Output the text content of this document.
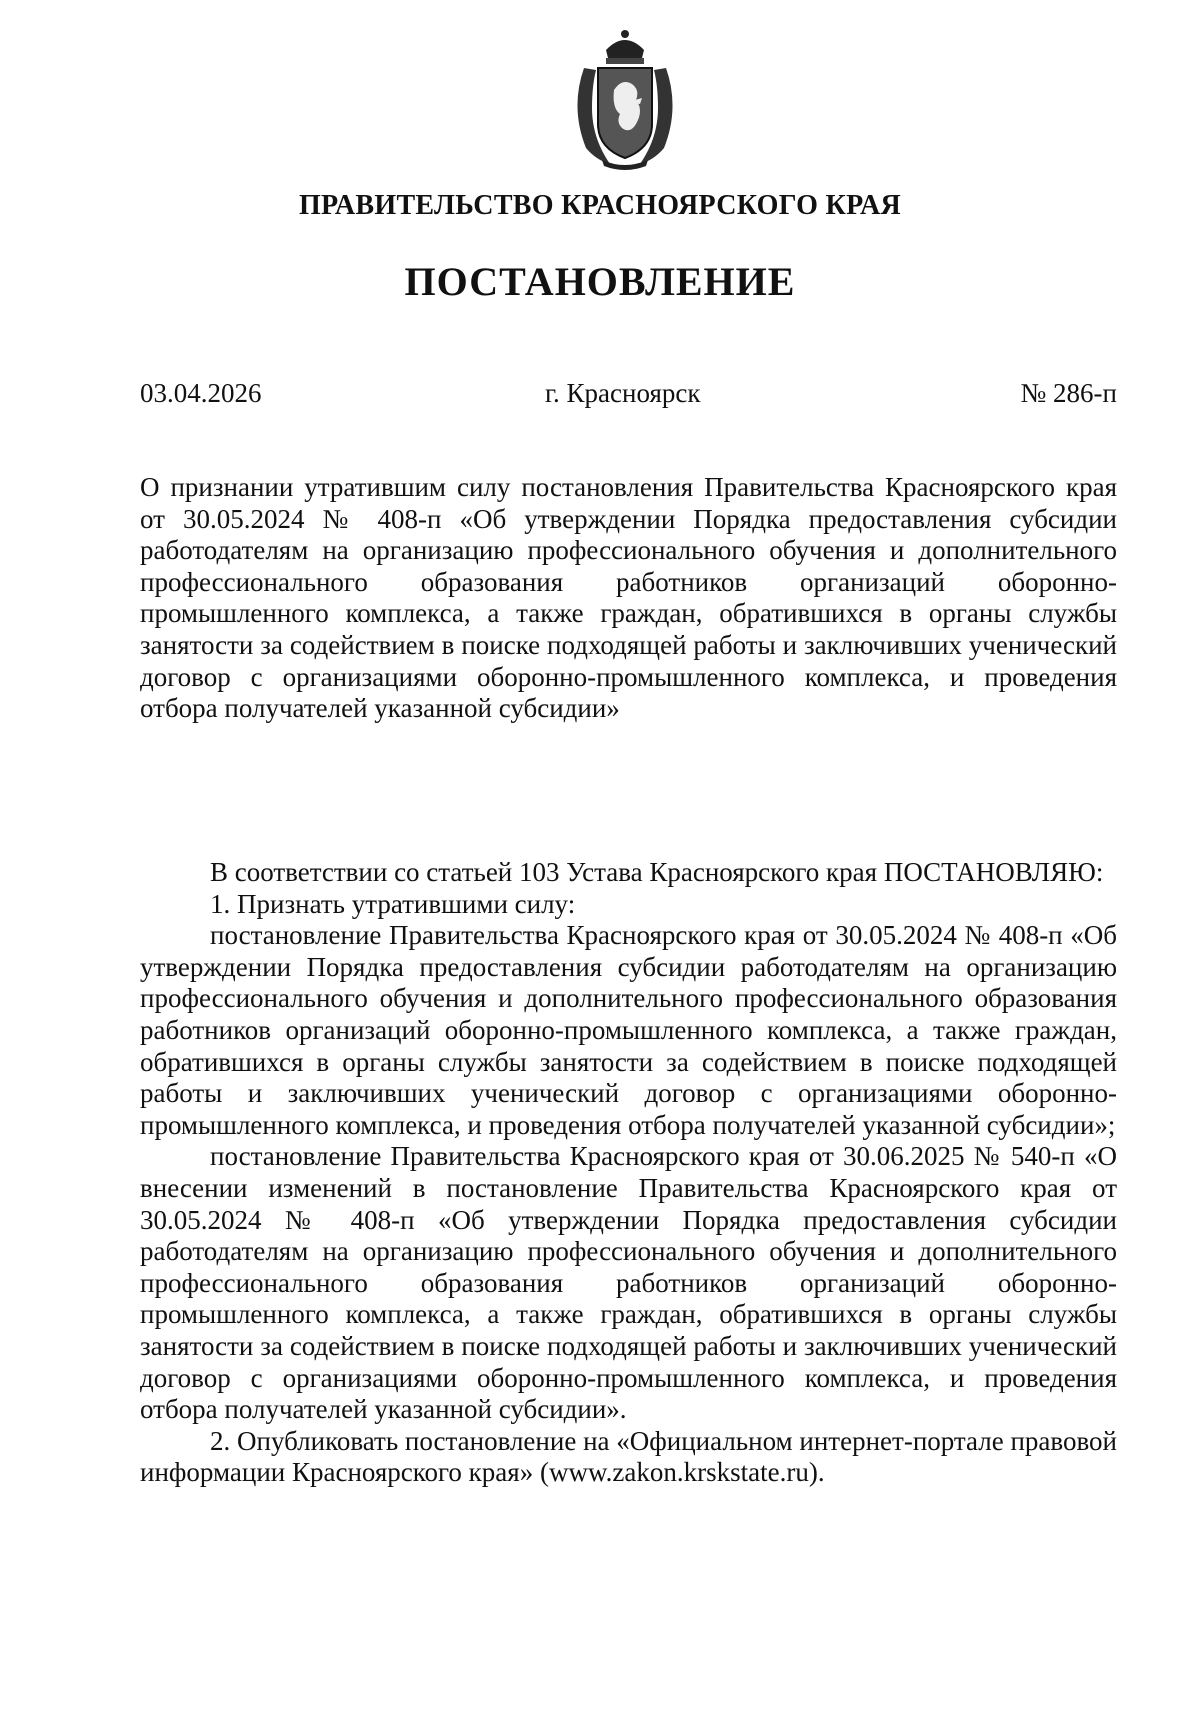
ПРАВИТЕЛЬСТВО КРАСНОЯРСКОГО КРАЯ
ПОСТАНОВЛЕНИЕ
03.04.2026	г. Красноярск	№ 286-п

О признании утратившим силу постановления Правительства Красноярского края от 30.05.2024 № 408-п «Об утверждении Порядка предоставления субсидии работодателям на организацию профессионального обучения и дополнительного профессионального образования работников организаций оборонно-промышленного комплекса, а также граждан, обратившихся в органы службы занятости за содействием в поиске подходящей работы и заключивших ученический договор с организациями оборонно-промышленного комплекса, и проведения отбора получателей указанной субсидии»

В соответствии со статьей 103 Устава Красноярского края ПОСТАНОВЛЯЮ:

1. Признать утратившими силу:

постановление Правительства Красноярского края от 30.05.2024 № 408-п «Об утверждении Порядка предоставления субсидии работодателям на организацию профессионального обучения и дополнительного профессионального образования работников организаций оборонно-промышленного комплекса, а также граждан, обратившихся в органы службы занятости за содействием в поиске подходящей работы и заключивших ученический договор с организациями оборонно-промышленного комплекса, и проведения отбора получателей указанной субсидии»;

постановление Правительства Красноярского края от 30.06.2025 № 540-п «О внесении изменений в постановление Правительства Красноярского края от 30.05.2024 № 408-п «Об утверждении Порядка предоставления субсидии работодателям на организацию профессионального обучения и дополнительного профессионального образования работников организаций оборонно-промышленного комплекса, а также граждан, обратившихся в органы службы занятости за содействием в поиске подходящей работы и заключивших ученический договор с организациями оборонно-промышленного комплекса, и проведения отбора получателей указанной субсидии».

2. Опубликовать постановление на «Официальном интернет-портале правовой информации Красноярского края» (www.zakon.krskstate.ru).
